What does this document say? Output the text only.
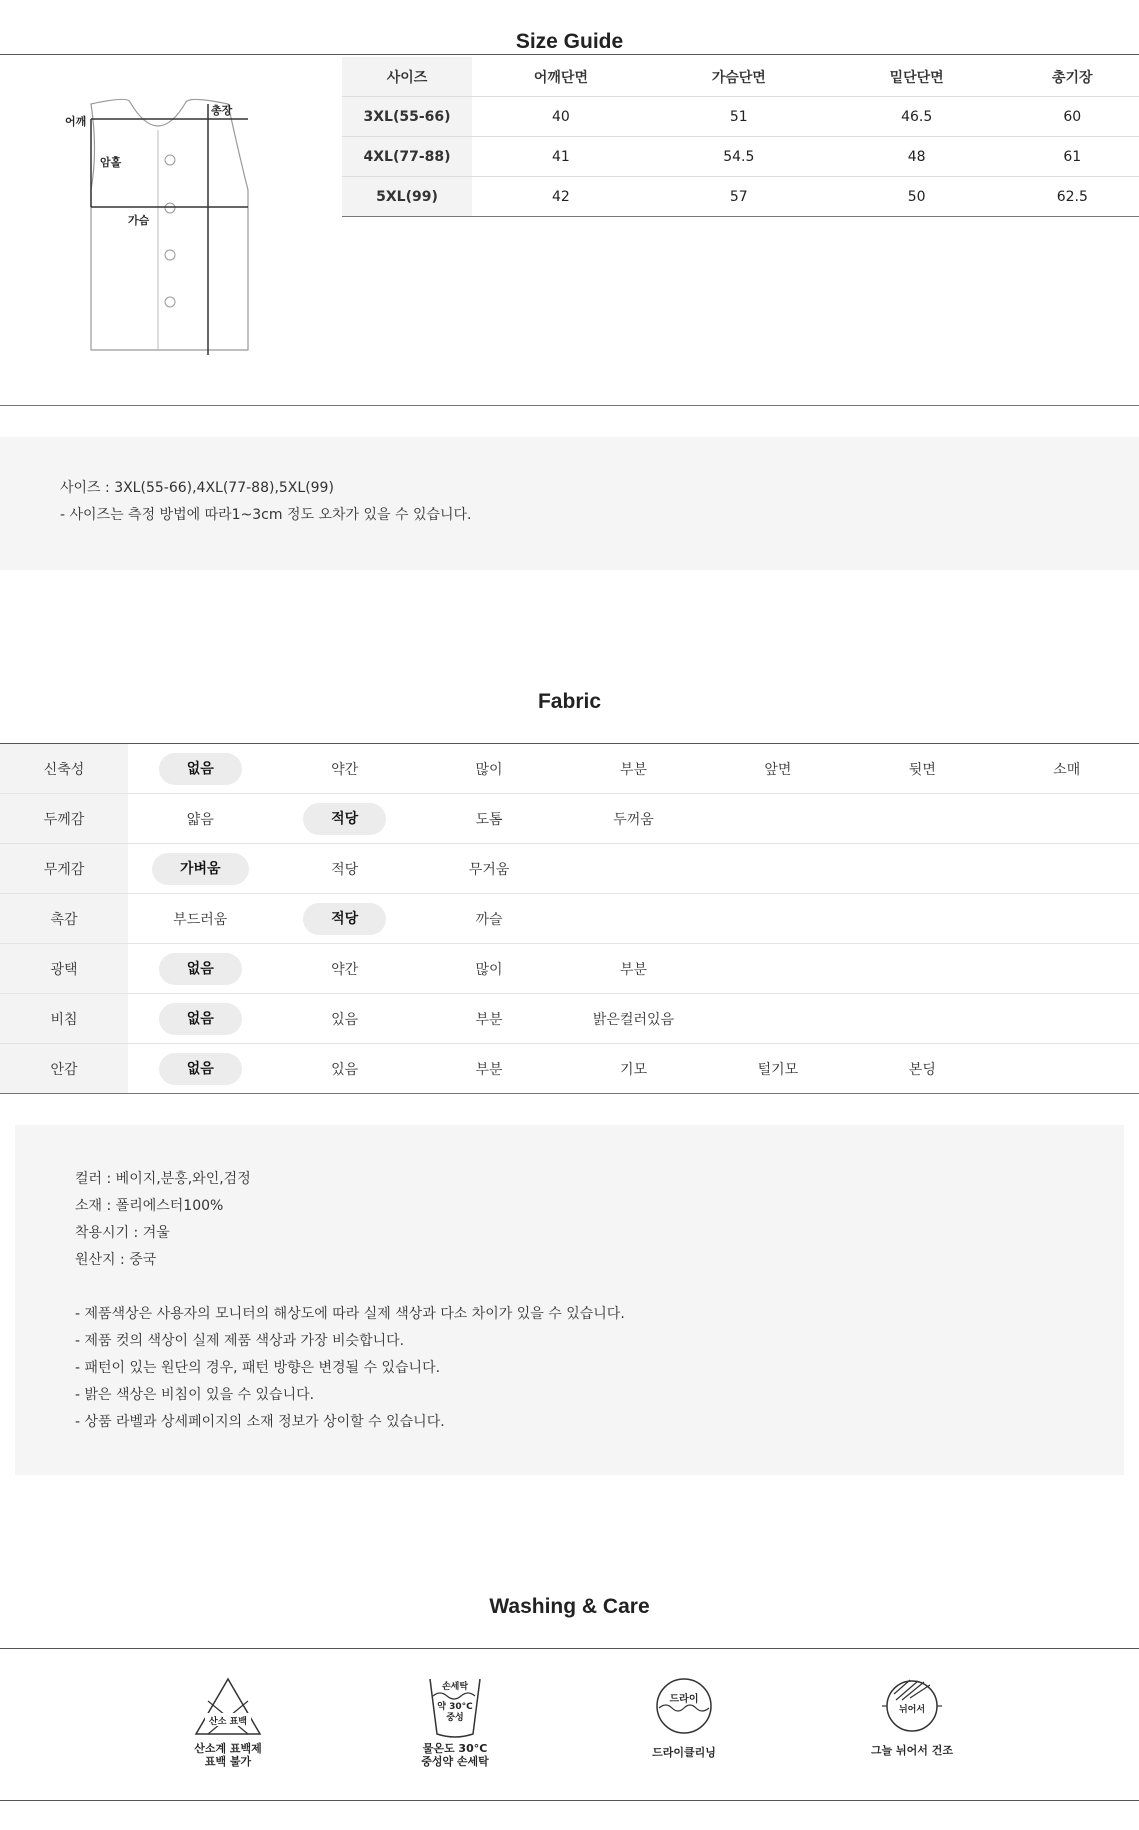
Size Guide
어깨
총장
암홀
가슴
사이즈	어깨단면	가슴단면	밑단단면	총기장
3XL(55-66)	40	51	46.5	60
4XL(77-88)	41	54.5	48	61
5XL(99)	42	57	50	62.5
사이즈 : 3XL(55-66),4XL(77-88),5XL(99)
- 사이즈는 측정 방법에 따라1~3cm 정도 오차가 있을 수 있습니다.
Fabric
신축성	없음	약간	많이	부분	앞면	뒷면	소매
두께감	얇음	적당	도톰	두꺼움			
무게감	가벼움	적당	무거움				
촉감	부드러움	적당	까슬				
광택	없음	약간	많이	부분			
비침	없음	있음	부분	밝은컬러있음			
안감	없음	있음	부분	기모	털기모	본딩	
컬러 : 베이지,분홍,와인,검정
소재 : 폴리에스터100%
착용시기 : 겨울
원산지 : 중국
- 제품색상은 사용자의 모니터의 해상도에 따라 실제 색상과 다소 차이가 있을 수 있습니다.
- 제품 컷의 색상이 실제 제품 색상과 가장 비슷합니다.
- 패턴이 있는 원단의 경우, 패턴 방향은 변경될 수 있습니다.
- 밝은 색상은 비침이 있을 수 있습니다.
- 상품 라벨과 상세페이지의 소재 정보가 상이할 수 있습니다.
Washing & Care
산소 표백
산소계 표백제
표백 불가
손세탁
약 30°C
중성
물온도 30°C
중성약 손세탁
드라이
드라이클리닝
뉘어서
그늘 뉘어서 건조
